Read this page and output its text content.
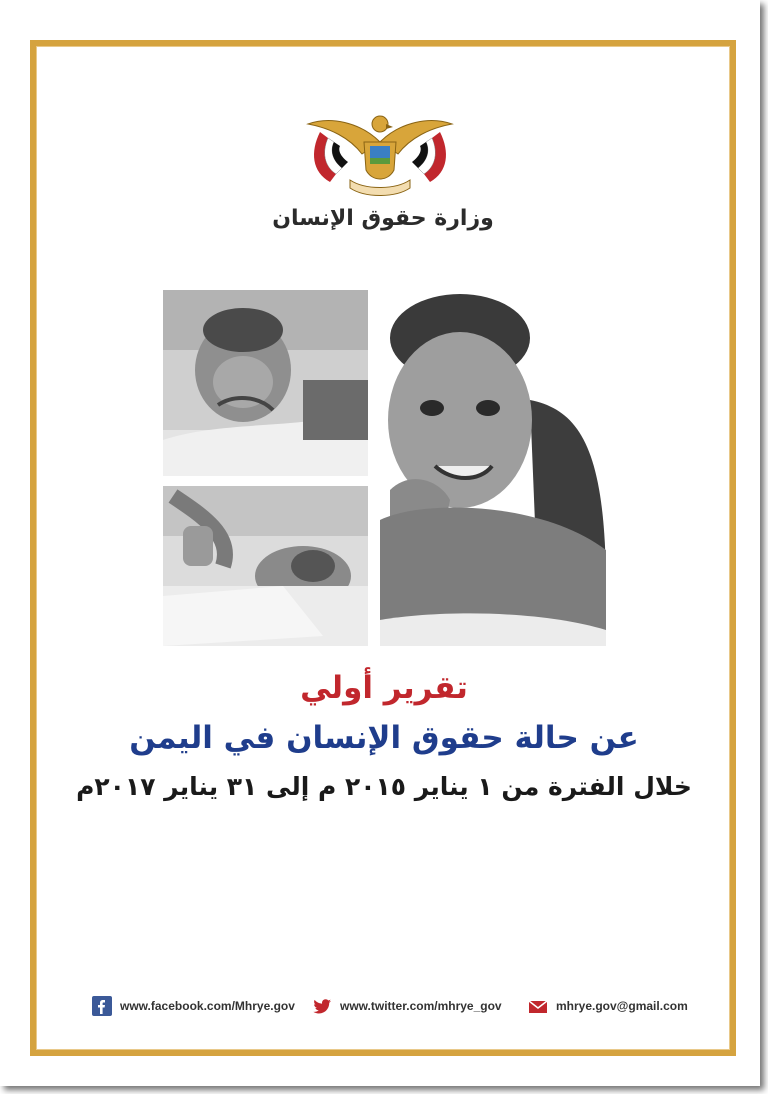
وزارة حقوق الإنسان
تقرير أولي
عن حالة حقوق الإنسان في اليمن
خلال الفترة من ١ يناير ٢٠١٥ م إلى ٣١ يناير ٢٠١٧م
www.facebook.com/Mhrye.gov	www.twitter.com/mhrye_gov	mhrye.gov@gmail.com
